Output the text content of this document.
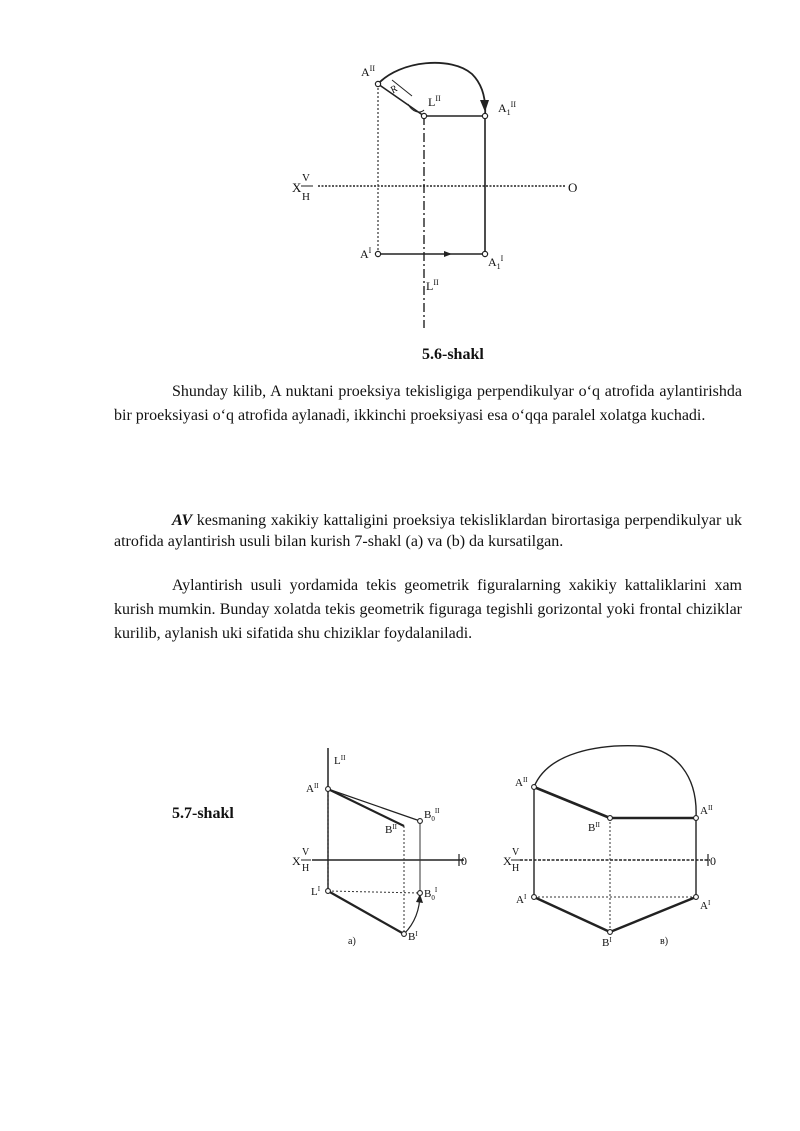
X
V
H
O
$A^{II}$
R
$L^{II}$
$A_1^{II}$
$A^I$
$A_1^I$
$L^{II}$
5.6-shakl

Shunday kilib, A nuktani proeksiya tekisligiga perpendikulyar o‘q atrofida aylantirishda bir proeksiyasi o‘q atrofida aylanadi, ikkinchi proeksiyasi esa o‘qqa paralel xolatga kuchadi.

AV kesmaning xakikiy kattaligini proeksiya tekisliklardan birortasiga perpendikulyar uk atrofida aylantirish usuli bilan kurish 7-shakl (a) va (b) da kursatilgan.

Aylantirish usuli yordamida tekis geometrik figuralarning xakikiy kattaliklarini xam kurish mumkin. Bunday xolatda tekis geometrik figuraga tegishli gorizontal yoki frontal chiziklar kurilib, aylanish uki sifatida shu chiziklar foydalaniladi.

5.7-shakl
X
V
H
0
$L^{II}$
$A^{II}$
$B_0^{II}$
$B^{II}$
$L^I$	$B_0^I$
$B^I$
a)
X
V
H
0
$A^{II}$
$B^{II}$
$A^{II}$
$A^I$
$B^I$
$A^I$
в)
